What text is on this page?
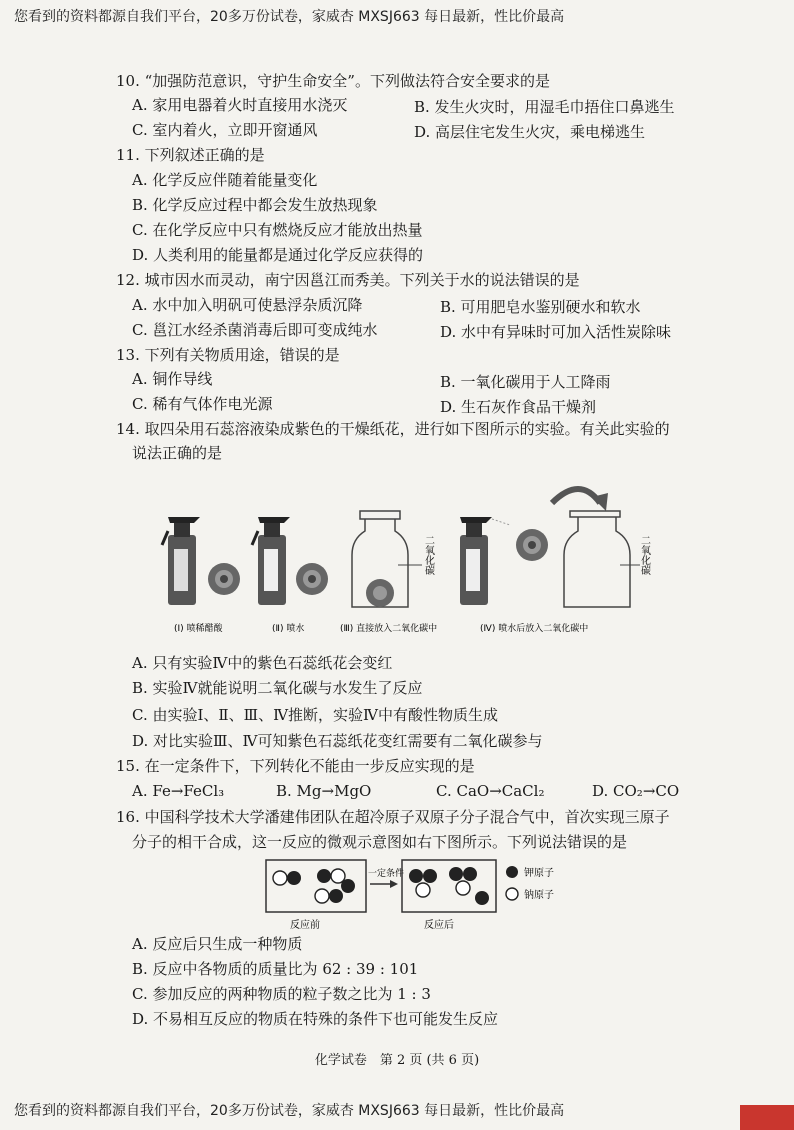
您看到的资料都源自我们平台，20多万份试卷，家威杏 MXSJ663 每日最新，性比价最高
10. “加强防范意识，守护生命安全”。下列做法符合安全要求的是
A. 家用电器着火时直接用水浇灭	B. 发生火灾时，用湿毛巾捂住口鼻逃生
C. 室内着火，立即开窗通风	D. 高层住宅发生火灾，乘电梯逃生
11. 下列叙述正确的是
A. 化学反应伴随着能量变化
B. 化学反应过程中都会发生放热现象
C. 在化学反应中只有燃烧反应才能放出热量
D. 人类利用的能量都是通过化学反应获得的
12. 城市因水而灵动，南宁因邕江而秀美。下列关于水的说法错误的是
A. 水中加入明矾可使悬浮杂质沉降	B. 可用肥皂水鉴别硬水和软水
C. 邕江水经杀菌消毒后即可变成纯水	D. 水中有异味时可加入活性炭除味
13. 下列有关物质用途，错误的是
A. 铜作导线	B. 一氧化碳用于人工降雨
C. 稀有气体作电光源	D. 生石灰作食品干燥剂
14. 取四朵用石蕊溶液染成紫色的干燥纸花，进行如下图所示的实验。有关此实验的
说法正确的是
二氧化碳	二氧化碳
(Ⅰ) 喷稀醋酸	(Ⅱ) 喷水	(Ⅲ) 直接放入二氧化碳中	(Ⅳ) 喷水后放入二氧化碳中
A. 只有实验Ⅳ中的紫色石蕊纸花会变红
B. 实验Ⅳ就能说明二氧化碳与水发生了反应
C. 由实验Ⅰ、Ⅱ、Ⅲ、Ⅳ推断，实验Ⅳ中有酸性物质生成
D. 对比实验Ⅲ、Ⅳ可知紫色石蕊纸花变红需要有二氧化碳参与
15. 在一定条件下，下列转化不能由一步反应实现的是
A. Fe→FeCl₃	B. Mg→MgO	C. CaO→CaCl₂	D. CO₂→CO
16. 中国科学技术大学潘建伟团队在超冷原子双原子分子混合气中，首次实现三原子
分子的相干合成，这一反应的微观示意图如右下图所示。下列说法错误的是
一定条件
反应前	反应后
钾原子
钠原子
A. 反应后只生成一种物质
B. 反应中各物质的质量比为 62 : 39 : 101
C. 参加反应的两种物质的粒子数之比为 1 : 3
D. 不易相互反应的物质在特殊的条件下也可能发生反应
化学试卷　第 2 页 (共 6 页)
您看到的资料都源自我们平台，20多万份试卷，家威杏 MXSJ663 每日最新，性比价最高
